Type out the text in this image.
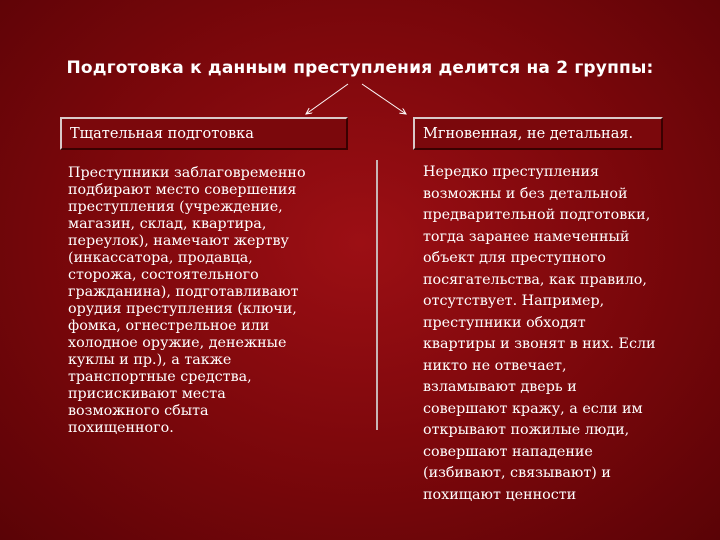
Подготовка к данным преступления делится на 2 группы:
Тщательная подготовка	Мгновенная, не детальная.
Преступники заблаговременно
подбирают место совершения
преступления (учреждение,
магазин, склад, квартира,
переулок), намечают жертву
(инкассатора, продавца,
сторожа, состоятельного
гражданина), подготавливают
орудия преступления (ключи,
фомка, огнестрельное или
холодное оружие, денежные
куклы и пр.), а также
транспортные средства,
присискивают места
возможного сбыта
похищенного.
Нередко преступления
возможны и без детальной
предварительной подготовки,
тогда заранее намеченный
объект для преступного
посягательства, как правило,
отсутствует. Например,
преступники обходят
квартиры и звонят в них. Если
никто не отвечает,
взламывают дверь и
совершают кражу, а если им
открывают пожилые люди,
совершают нападение
(избивают, связывают) и
похищают ценности
